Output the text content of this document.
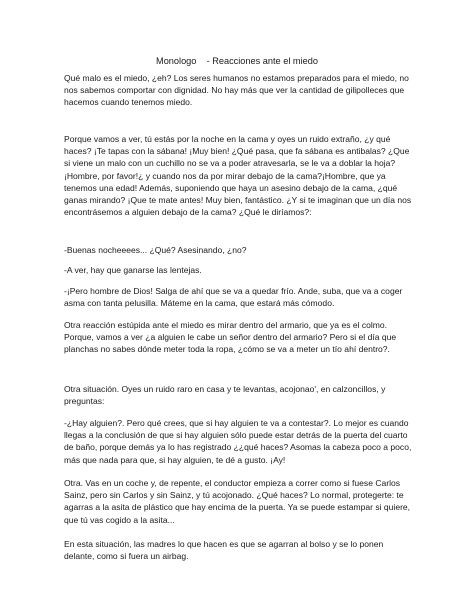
Monologo    - Reacciones ante el miedo

Qué malo es el miedo, ¿eh? Los seres humanos no estamos preparados para el miedo, no
nos sabemos comportar con dignidad. No hay más que ver la cantidad de gilipolleces que
hacemos cuando tenemos miedo.

Porque vamos a ver, tú estás por la noche en la cama y oyes un ruido extraño, ¿y qué
haces? ¡Te tapas con la sábana! ¡Muy bien! ¿Qué pasa, que fa sábana es antibalas? ¿Que
si viene un malo con un cuchillo no se va a poder atravesarla, se le va a doblar la hoja?
¡Hombre, por favor!¿ y cuando nos da por mirar debajo de la cama?¡Hombre, que ya
tenemos una edad! Además, suponiendo que haya un asesino debajo de la cama, ¿qué
ganas mirando? ¡Que te mate antes! Muy bien, fantástico. ¿Y si te imaginan que un día nos
encontrásemos a alguien debajo de la cama? ¿Qué le diríamos?:

-Buenas nocheeees... ¿Qué? Asesinando, ¿no?

-A ver, hay que ganarse las lentejas.

-¡Pero hombre de Dios! Salga de ahí que se va a quedar frío. Ande, suba, que va a coger
asma con tanta pelusilla. Máteme en la cama, que estará más cómodo.

Otra reacción estúpida ante el miedo es mirar dentro del armario, que ya es el colmo.
Porque, vamos a ver ¿a alguien le cabe un señor dentro del armario? Pero si el día que
planchas no sabes dónde meter toda la ropa, ¿cómo se va a meter un tío ahí dentro?.

Otra situación. Oyes un ruido raro en casa y te levantas, acojonao', en calzoncillos, y
preguntas:

-¿Hay alguien?. Pero qué crees, que si hay alguien te va a contestar?. Lo mejor es cuando
llegas a la conclusión de que si hay alguien sólo puede estar detrás de la puerta del cuarto
de baño, porque demás ya lo has registrado ¿¿qué haces? Asomas la cabeza poco a poco,
más que nada para que, si hay alguien, te dé a gusto. ¡Ay!

Otra. Vas en un coche y, de repente, el conductor empieza a correr como si fuese Carlos
Sainz, pero sin Carlos y sin Sainz, y tú acojonado. ¿Qué haces? Lo normal, protegerte: te
agarras a la asita de plástico que hay encima de la puerta. Ya se puede estampar si quiere,
que tú vas cogido a la asita...

En esta situación, las madres lo que hacen es que se agarran al bolso y se lo ponen
delante, como si fuera un airbag.
